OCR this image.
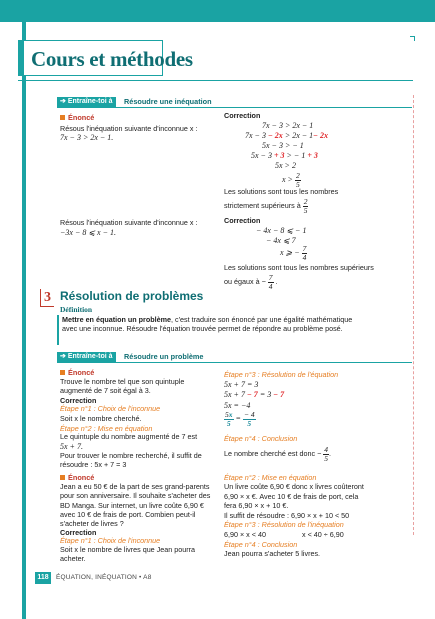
Cours et méthodes
➔ Entraîne-toi à	Résoudre une inéquation
Énoncé
Résous l'inéquation suivante d'inconnue x :
7x − 3 > 2x − 1.
Correction
7x − 3 > 2x − 1
7x − 3 − 2x > 2x − 1− 2x
5x − 3 > − 1
5x − 3 + 3 > − 1 + 3
5x > 2
$x > \frac{2}{5}$
Les solutions sont tous les nombres
strictement supérieurs à $\frac{2}{5}$
Résous l'inéquation suivante d'inconnue x :
−3x − 8 ⩽ x − 1.
Correction
− 4x − 8 ⩽ − 1
− 4x ⩽ 7
x ⩾ − $\frac{7}{4}$
Les solutions sont tous les nombres supérieurs
ou égaux à − $\frac{7}{4}$ .
3 Résolution de problèmes
Définition
Mettre en équation un problème, c'est traduire son énoncé par une égalité mathématique avec une inconnue. Résoudre l'équation trouvée permet de répondre au problème posé.
➔ Entraîne-toi à	Résoudre un problème
Énoncé
Trouve le nombre tel que son quintuple augmenté de 7 soit égal à 3.
Correction
Étape n°1 : Choix de l'inconnue
Soit x le nombre cherché.
Étape n°2 : Mise en équation
Le quintuple du nombre augmenté de 7 est
5x + 7.
Pour trouver le nombre recherché, il suffit de résoudre : 5x + 7 = 3
Étape n°3 : Résolution de l'équation
5x + 7 = 3
5x + 7 − 7 = 3 − 7
5x = −4
$\frac{5x}{5} = \frac{- 4}{5}$
Étape n°4 : Conclusion
Le nombre cherché est donc − $\frac{4}{5}$ .
Énoncé
Jean a eu 50 € de la part de ses grand-parents pour son anniversaire. Il souhaite s'acheter des BD Manga. Sur internet, un livre coûte 6,90 € avec 10 € de frais de port. Combien peut-il s'acheter de livres ?
Correction
Étape n°1 : Choix de l'inconnue
Soit x le nombre de livres que Jean pourra acheter.
Étape n°2 : Mise en équation
Un livre coûte 6,90 € donc x livres coûteront
6,90 × x €. Avec 10 € de frais de port, cela
fera 6,90 × x + 10 €.
Il suffit de résoudre : 6,90 × x + 10 < 50
Étape n°3 : Résolution de l'inéquation
6,90 × x < 40	x < 40 ÷ 6,90
Étape n°4 : Conclusion
Jean pourra s'acheter 5 livres.
118	ÉQUATION, INÉQUATION • A8
